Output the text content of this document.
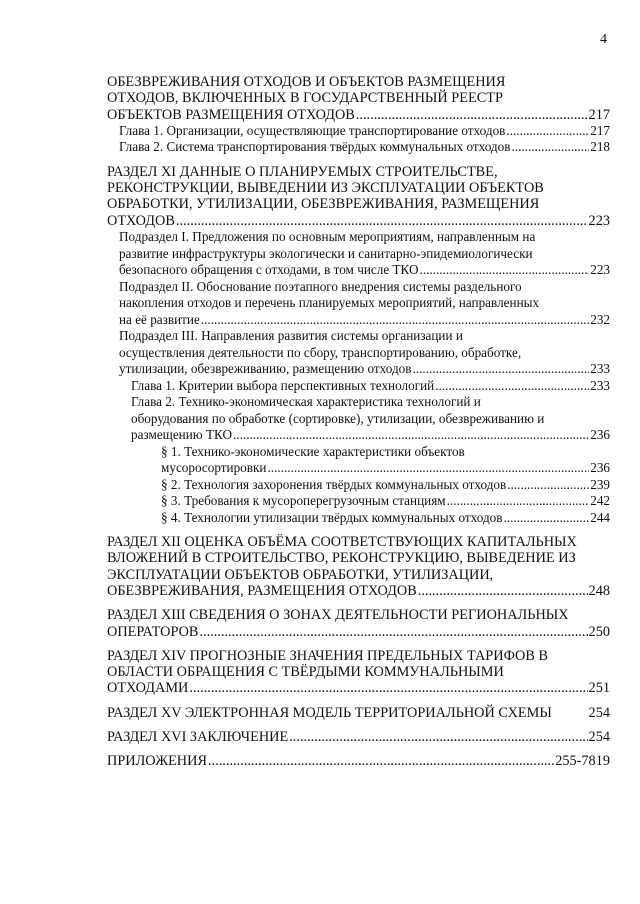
4
ОБЕЗВРЕЖИВАНИЯ ОТХОДОВ И ОБЪЕКТОВ РАЗМЕЩЕНИЯ
ОТХОДОВ, ВКЛЮЧЕННЫХ В ГОСУДАРСТВЕННЫЙ РЕЕСТР
ОБЪЕКТОВ РАЗМЕЩЕНИЯ ОТХОДОВ .....	217
Глава 1. Организации, осуществляющие транспортирование отходов .....	217
Глава 2. Система транспортирования твёрдых коммунальных отходов .....	218
РАЗДЕЛ XI ДАННЫЕ О ПЛАНИРУЕМЫХ СТРОИТЕЛЬСТВЕ,
РЕКОНСТРУКЦИИ, ВЫВЕДЕНИИ ИЗ ЭКСПЛУАТАЦИИ ОБЪЕКТОВ
ОБРАБОТКИ, УТИЛИЗАЦИИ, ОБЕЗВРЕЖИВАНИЯ, РАЗМЕЩЕНИЯ
ОТХОДОВ .....	223
Подраздел I. Предложения по основным мероприятиям, направленным на
развитие инфраструктуры экологически и санитарно-эпидемиологически
безопасного обращения с отходами, в том числе ТКО .....	223
Подраздел II. Обоснование поэтапного внедрения системы раздельного
накопления отходов и перечень планируемых мероприятий, направленных
на её развитие .....	232
Подраздел III. Направления развития системы организации и
осуществления деятельности по сбору, транспортированию, обработке,
утилизации, обезвреживанию, размещению отходов .....	233
Глава 1. Критерии выбора перспективных технологий .....	233
Глава 2. Технико-экономическая характеристика технологий и
оборудования по обработке (сортировке), утилизации, обезвреживанию и
размещению ТКО .....	236
§ 1. Технико-экономические характеристики объектов
мусоросортировки .....	236
§ 2. Технология захоронения твёрдых коммунальных отходов .....	239
§ 3. Требования к мусороперегрузочным станциям .....	242
§ 4. Технологии утилизации твёрдых коммунальных отходов .....	244
РАЗДЕЛ XII ОЦЕНКА ОБЪЁМА СООТВЕТСТВУЮЩИХ КАПИТАЛЬНЫХ
ВЛОЖЕНИЙ В СТРОИТЕЛЬСТВО, РЕКОНСТРУКЦИЮ, ВЫВЕДЕНИЕ ИЗ
ЭКСПЛУАТАЦИИ ОБЪЕКТОВ ОБРАБОТКИ, УТИЛИЗАЦИИ,
ОБЕЗВРЕЖИВАНИЯ, РАЗМЕЩЕНИЯ ОТХОДОВ .....	248
РАЗДЕЛ XIII СВЕДЕНИЯ О ЗОНАХ ДЕЯТЕЛЬНОСТИ РЕГИОНАЛЬНЫХ
ОПЕРАТОРОВ .....	250
РАЗДЕЛ XIV ПРОГНОЗНЫЕ ЗНАЧЕНИЯ ПРЕДЕЛЬНЫХ ТАРИФОВ В
ОБЛАСТИ ОБРАЩЕНИЯ С ТВЁРДЫМИ КОММУНАЛЬНЫМИ
ОТХОДАМИ .....	251
РАЗДЕЛ XV ЭЛЕКТРОННАЯ МОДЕЛЬ ТЕРРИТОРИАЛЬНОЙ СХЕМЫ	254
РАЗДЕЛ XVI ЗАКЛЮЧЕНИЕ .....	254
ПРИЛОЖЕНИЯ .....	255-7819
